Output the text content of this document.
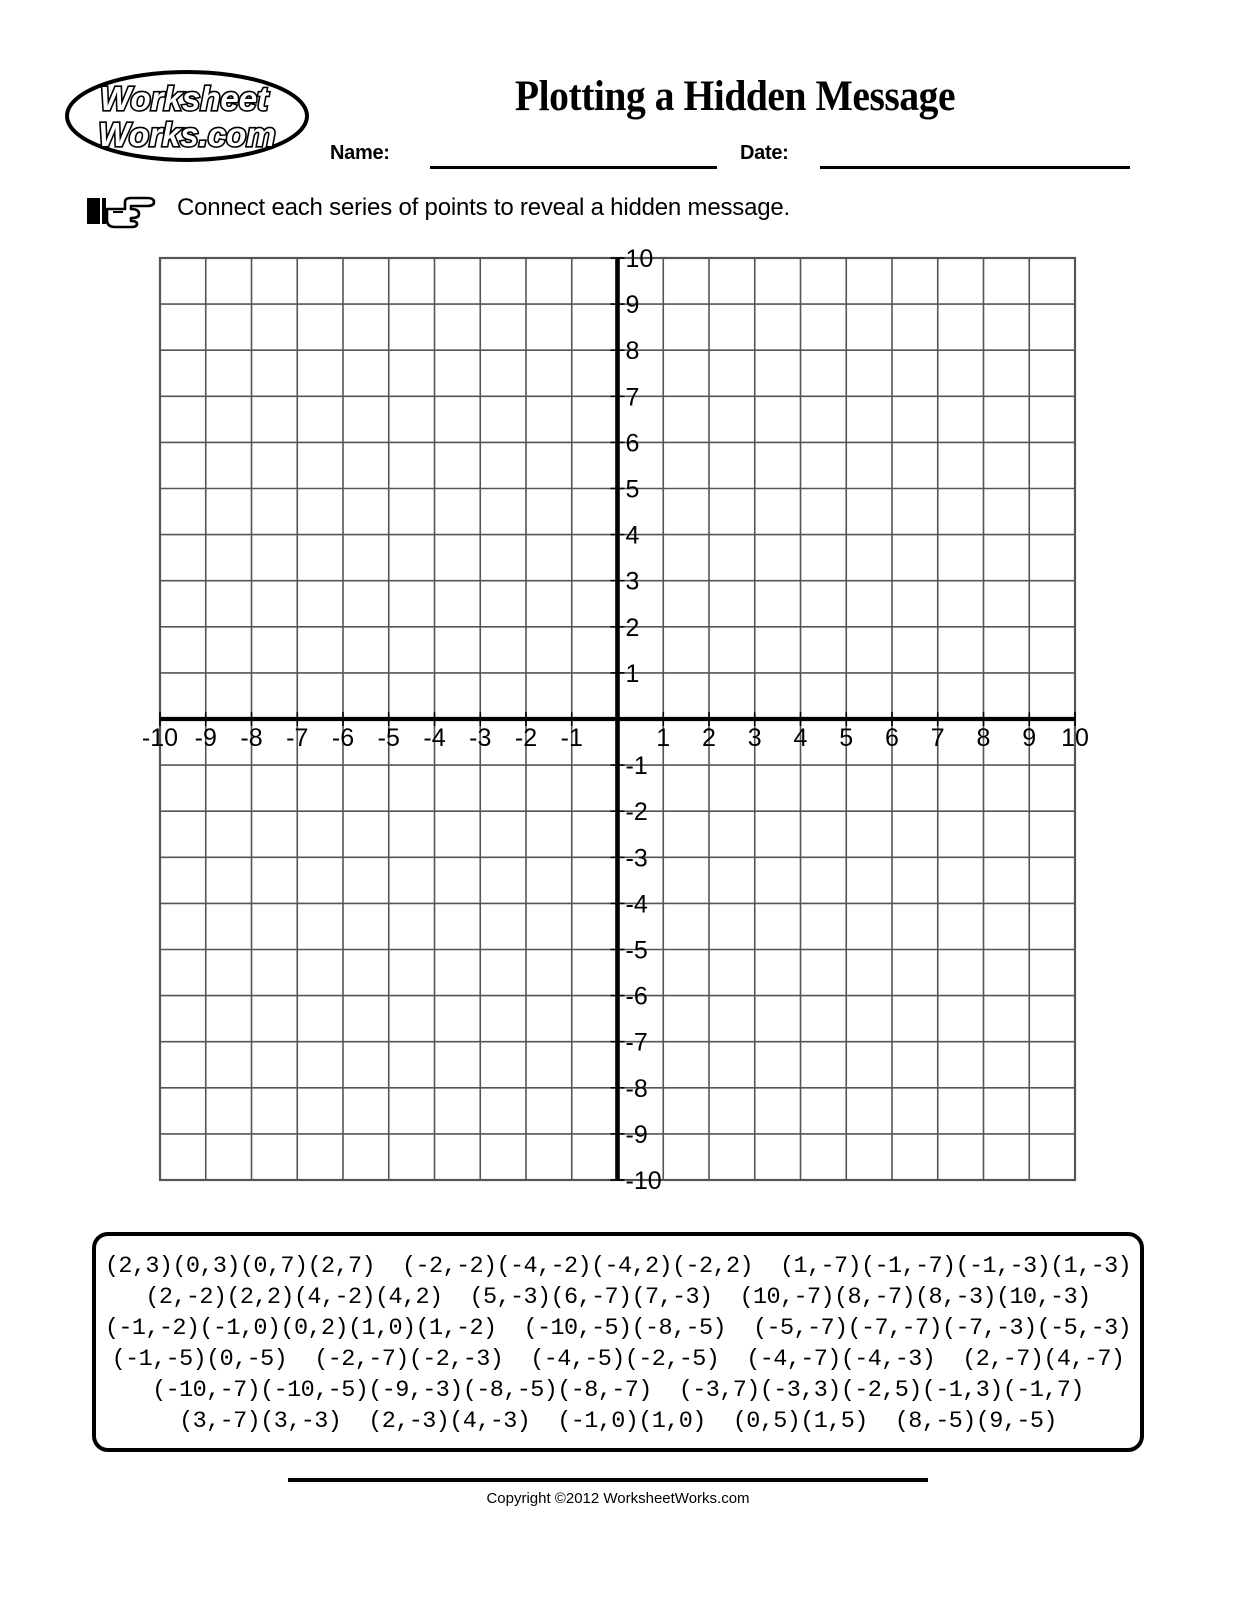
Worksheet
Works.com
Plotting a Hidden Message
Name:	Date:
Connect each series of points to reveal a hidden message.
-10 -9 -8 -7 -6 -5 -4 -3 -2 -1	1 2 3 4 5 6 7 8 9 10
10
9
8
7
6
5
4
3
2
1
-1
-2
-3
-4
-5
-6
-7
-8
-9
-10
(2,3)(0,3)(0,7)(2,7)  (-2,-2)(-4,-2)(-4,2)(-2,2)  (1,-7)(-1,-7)(-1,-3)(1,-3)
(2,-2)(2,2)(4,-2)(4,2)  (5,-3)(6,-7)(7,-3)  (10,-7)(8,-7)(8,-3)(10,-3)
(-1,-2)(-1,0)(0,2)(1,0)(1,-2)  (-10,-5)(-8,-5)  (-5,-7)(-7,-7)(-7,-3)(-5,-3)
(-1,-5)(0,-5)  (-2,-7)(-2,-3)  (-4,-5)(-2,-5)  (-4,-7)(-4,-3)  (2,-7)(4,-7)
(-10,-7)(-10,-5)(-9,-3)(-8,-5)(-8,-7)  (-3,7)(-3,3)(-2,5)(-1,3)(-1,7)
(3,-7)(3,-3)  (2,-3)(4,-3)  (-1,0)(1,0)  (0,5)(1,5)  (8,-5)(9,-5)
Copyright ©2012 WorksheetWorks.com
